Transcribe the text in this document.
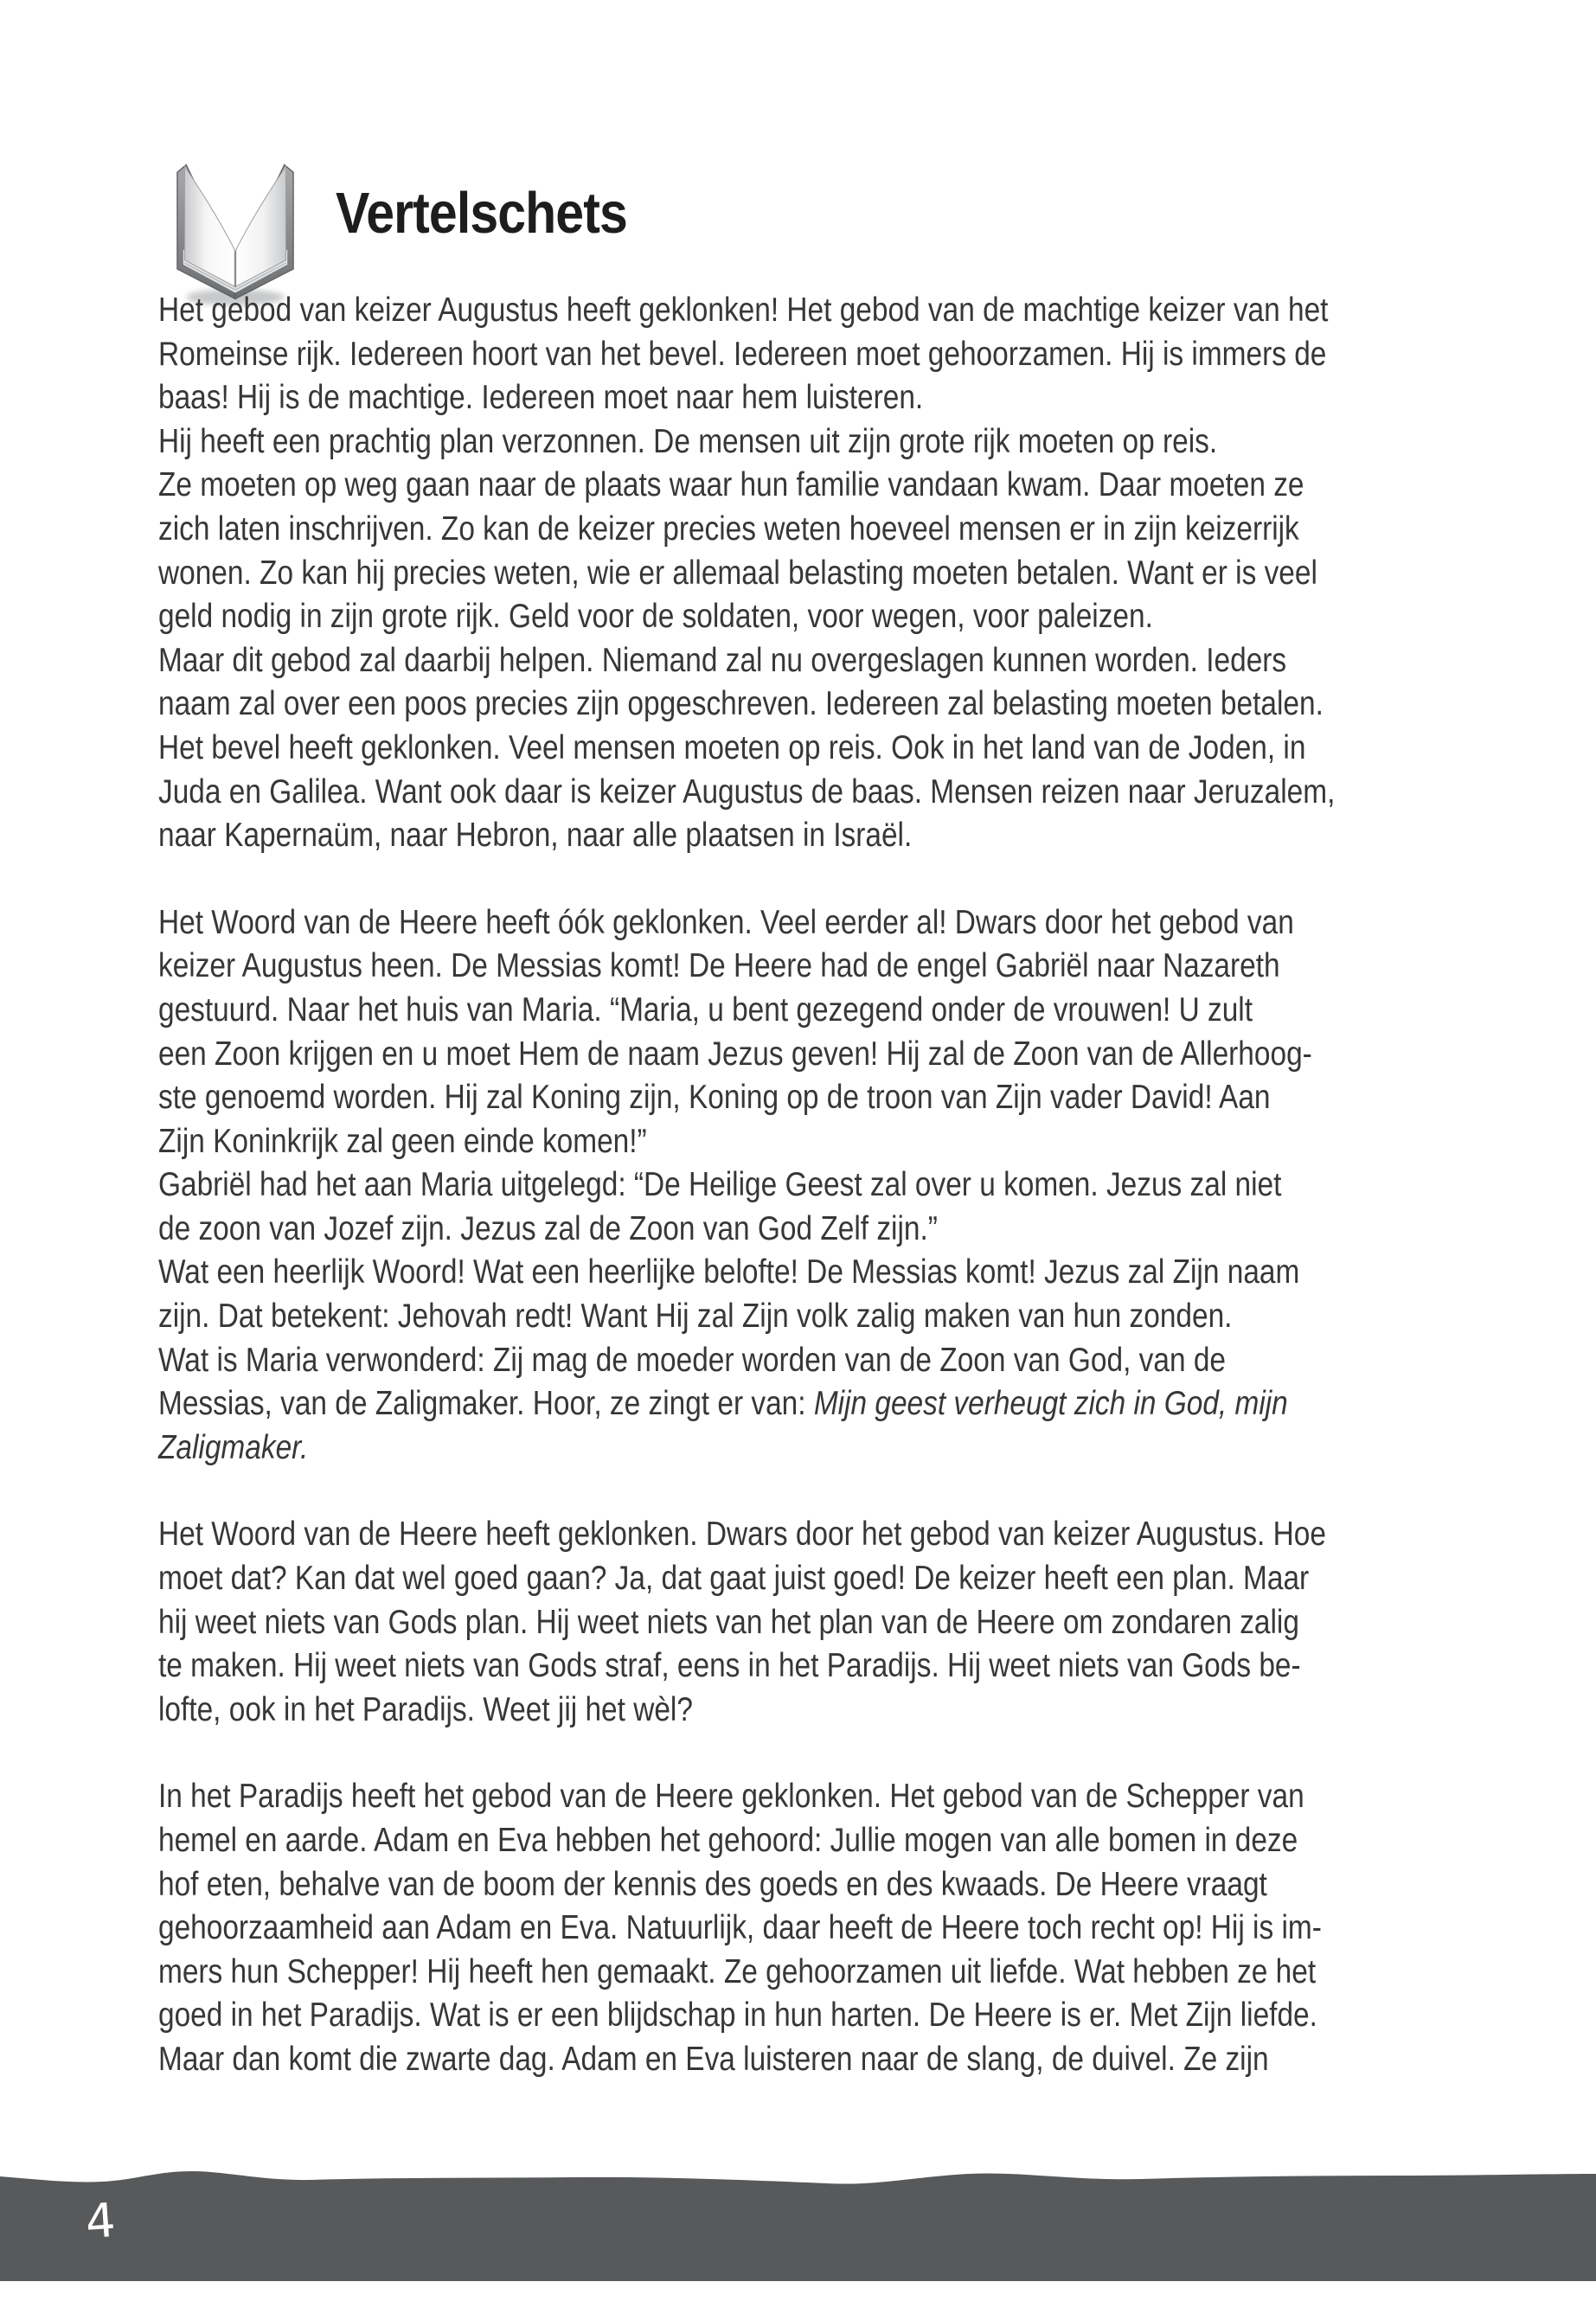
Vertelschets
Het gebod van keizer Augustus heeft geklonken! Het gebod van de machtige keizer van het
Romeinse rijk. Iedereen hoort van het bevel. Iedereen moet gehoorzamen. Hij is immers de
baas! Hij is de machtige. Iedereen moet naar hem luisteren.
Hij heeft een prachtig plan verzonnen. De mensen uit zijn grote rijk moeten op reis.
Ze moeten op weg gaan naar de plaats waar hun familie vandaan kwam. Daar moeten ze
zich laten inschrijven. Zo kan de keizer precies weten hoeveel mensen er in zijn keizerrijk
wonen. Zo kan hij precies weten, wie er allemaal belasting moeten betalen. Want er is veel
geld nodig in zijn grote rijk. Geld voor de soldaten, voor wegen, voor paleizen.
Maar dit gebod zal daarbij helpen. Niemand zal nu overgeslagen kunnen worden. Ieders
naam zal over een poos precies zijn opgeschreven. Iedereen zal belasting moeten betalen.
Het bevel heeft geklonken. Veel mensen moeten op reis. Ook in het land van de Joden, in
Juda en Galilea. Want ook daar is keizer Augustus de baas. Mensen reizen naar Jeruzalem,
naar Kapernaüm, naar Hebron, naar alle plaatsen in Israël.
Het Woord van de Heere heeft óók geklonken. Veel eerder al! Dwars door het gebod van
keizer Augustus heen. De Messias komt! De Heere had de engel Gabriël naar Nazareth
gestuurd. Naar het huis van Maria. “Maria, u bent gezegend onder de vrouwen! U zult
een Zoon krijgen en u moet Hem de naam Jezus geven! Hij zal de Zoon van de Allerhoog-
ste genoemd worden. Hij zal Koning zijn, Koning op de troon van Zijn vader David! Aan
Zijn Koninkrijk zal geen einde komen!”
Gabriël had het aan Maria uitgelegd: “De Heilige Geest zal over u komen. Jezus zal niet
de zoon van Jozef zijn. Jezus zal de Zoon van God Zelf zijn.”
Wat een heerlijk Woord! Wat een heerlijke belofte! De Messias komt! Jezus zal Zijn naam
zijn. Dat betekent: Jehovah redt! Want Hij zal Zijn volk zalig maken van hun zonden.
Wat is Maria verwonderd: Zij mag de moeder worden van de Zoon van God, van de
Messias, van de Zaligmaker. Hoor, ze zingt er van: Mijn geest verheugt zich in God, mijn
Zaligmaker.
Het Woord van de Heere heeft geklonken. Dwars door het gebod van keizer Augustus. Hoe
moet dat? Kan dat wel goed gaan? Ja, dat gaat juist goed! De keizer heeft een plan. Maar
hij weet niets van Gods plan. Hij weet niets van het plan van de Heere om zondaren zalig
te maken. Hij weet niets van Gods straf, eens in het Paradijs. Hij weet niets van Gods be-
lofte, ook in het Paradijs. Weet jij het wèl?
In het Paradijs heeft het gebod van de Heere geklonken. Het gebod van de Schepper van
hemel en aarde. Adam en Eva hebben het gehoord: Jullie mogen van alle bomen in deze
hof eten, behalve van de boom der kennis des goeds en des kwaads. De Heere vraagt
gehoorzaamheid aan Adam en Eva. Natuurlijk, daar heeft de Heere toch recht op! Hij is im-
mers hun Schepper! Hij heeft hen gemaakt. Ze gehoorzamen uit liefde. Wat hebben ze het
goed in het Paradijs. Wat is er een blijdschap in hun harten. De Heere is er. Met Zijn liefde.
Maar dan komt die zwarte dag. Adam en Eva luisteren naar de slang, de duivel. Ze zijn
4
